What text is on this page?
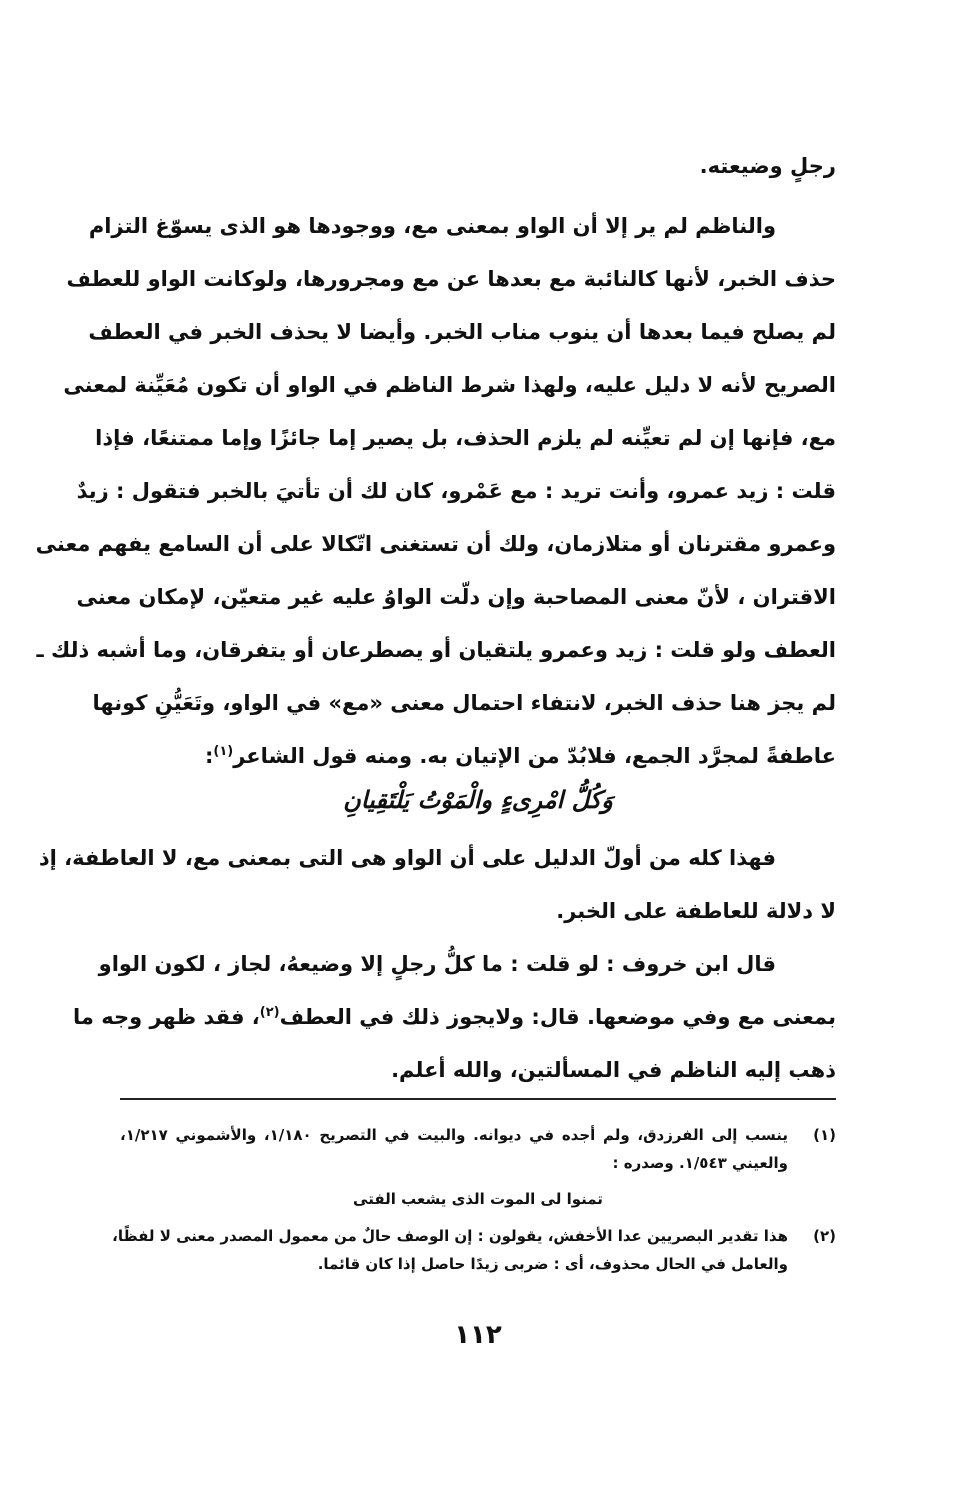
رجلٍ وضيعته.
والناظم لم ير إلا أن الواو بمعنى مع، ووجودها هو الذى يسوّغ التزام
حذف الخبر، لأنها كالنائبة مع بعدها عن مع ومجرورها، ولوكانت الواو للعطف
لم يصلح فيما بعدها أن ينوب مناب الخبر. وأيضا لا يحذف الخبر في العطف
الصريح لأنه لا دليل عليه، ولهذا شرط الناظم في الواو أن تكون مُعَيِّنة لمعنى
مع، فإنها إن لم تعيِّنه لم يلزم الحذف، بل يصير إما جائزًا وإما ممتنعًا، فإذا
قلت : زيد عمرو، وأنت تريد : مع عَمْرو، كان لك أن تأتيَ بالخبر فتقول : زيدٌ
وعمرو مقترنان أو متلازمان، ولك أن تستغنى اتّكالا على أن السامع يفهم معنى
الاقتران ، لأنّ معنى المصاحبة وإن دلّت الواوُ عليه غير متعيّن، لإمكان معنى
العطف ولو قلت : زيد وعمرو يلتقيان أو يصطرعان أو يتفرقان، وما أشبه ذلك ـ
لم يجز هنا حذف الخبر، لانتفاء احتمال معنى «مع» في الواو، وتَعَيُّنِ كونها
عاطفةً لمجرَّد الجمع، فلابُدّ من الإتيان به. ومنه قول الشاعر$^{(١)}$:
وَكُلُّ امْرِىءٍ والْمَوْتُ يَلْتَقِيانِ
فهذا كله من أولّ الدليل على أن الواو هى التى بمعنى مع، لا العاطفة، إذ
لا دلالة للعاطفة على الخبر.
قال ابن خروف : لو قلت : ما كلُّ رجلٍ إلا وضيعهُ، لجاز ، لكون الواو
بمعنى مع وفي موضعها. قال: ولايجوز ذلك في العطف$^{(٢)}$، فقد ظهر وجه ما
ذهب إليه الناظم في المسألتين، والله أعلم.
(١)
ينسب إلى الفرزدق، ولم أجده في ديوانه. والبيت في التصريح ١/١٨٠، والأشموني ١/٢١٧،
والعيني ١/٥٤٣. وصدره :
تمنوا لى الموت الذى يشعب الفتى
(٢)
هذا تقدير البصريين عدا الأخفش، يقولون : إن الوصف حالٌ من معمول المصدر معنى لا لفظًا،
والعامل في الحال محذوف، أى : ضربى زيدًا حاصل إذا كان قائما.
١١٢
